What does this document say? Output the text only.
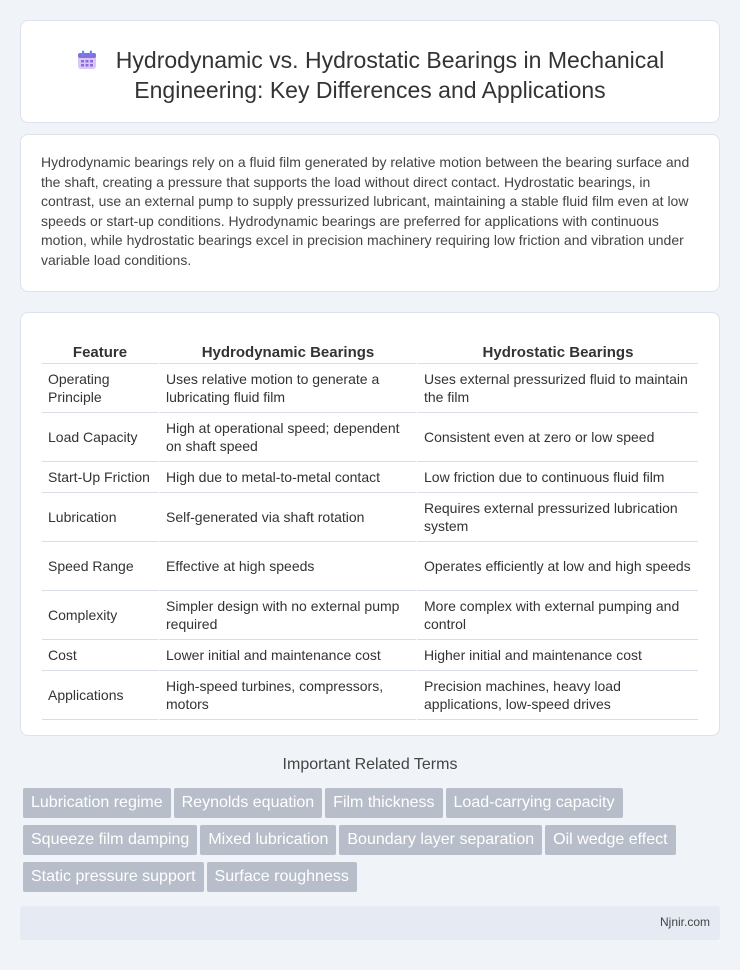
Hydrodynamic vs. Hydrostatic Bearings in Mechanical
Engineering: Key Differences and Applications

Hydrodynamic bearings rely on a fluid film generated by relative motion between the bearing surface and the shaft, creating a pressure that supports the load without direct contact. Hydrostatic bearings, in contrast, use an external pump to supply pressurized lubricant, maintaining a stable fluid film even at low speeds or start-up conditions. Hydrodynamic bearings are preferred for applications with continuous motion, while hydrostatic bearings excel in precision machinery requiring low friction and vibration under variable load conditions.

Feature	Hydrodynamic Bearings	Hydrostatic Bearings
Operating Principle	Uses relative motion to generate a lubricating fluid film	Uses external pressurized fluid to maintain the film
Load Capacity	High at operational speed; dependent on shaft speed	Consistent even at zero or low speed
Start-Up Friction	High due to metal-to-metal contact	Low friction due to continuous fluid film
Lubrication	Self-generated via shaft rotation	Requires external pressurized lubrication system
Speed Range	Effective at high speeds	Operates efficiently at low and high speeds
Complexity	Simpler design with no external pump required	More complex with external pumping and control
Cost	Lower initial and maintenance cost	Higher initial and maintenance cost
Applications	High-speed turbines, compressors, motors	Precision machines, heavy load applications, low-speed drives
Important Related Terms
Lubrication regime Reynolds equation Film thickness Load-carrying capacity
Squeeze film damping Mixed lubrication Boundary layer separation Oil wedge effect
Static pressure support Surface roughness
Njnir.com
